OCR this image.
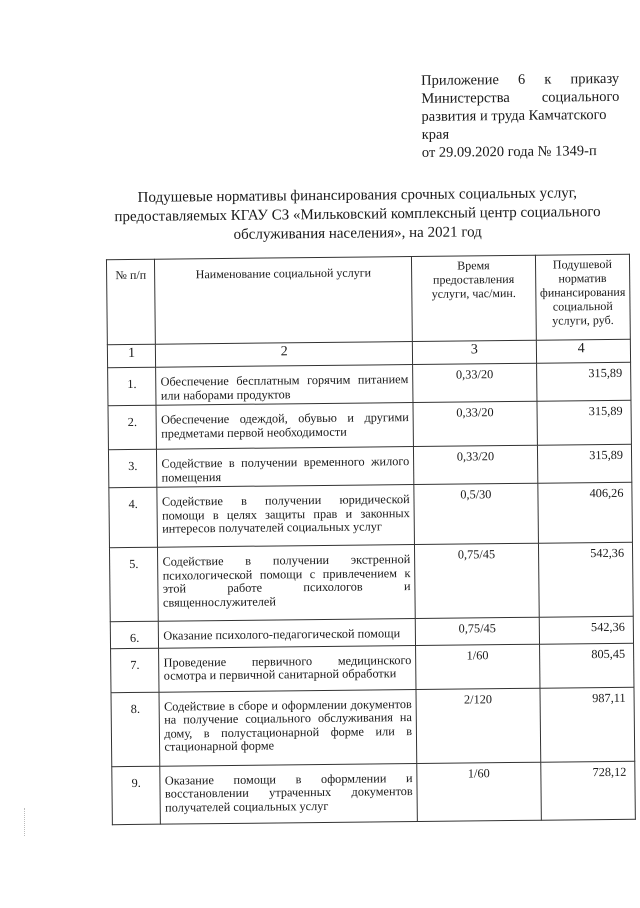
Приложение 6 к приказу
Министерства социального
развития и труда Камчатского
края
от 29.09.2020 года № 1349-п
Подушевые нормативы финансирования срочных социальных услуг, предоставляемых КГАУ СЗ «Мильковский комплексный центр социального обслуживания населения», на 2021 год
№ п/п	Наименование социальной услуги	Время предоставления услуги, час/мин.	Подушевой норматив финансирования социальной услуги, руб.
1	2	3	4
1.	Обеспечение бесплатным горячим питанием или наборами продуктов	0,33/20	315,89
2.	Обеспечение одеждой, обувью и другими предметами первой необходимости	0,33/20	315,89
3.	Содействие в получении временного жилого помещения	0,33/20	315,89
4.	Содействие в получении юридической помощи в целях защиты прав и законных интересов получателей социальных услуг	0,5/30	406,26
5.	Содействие в получении экстренной психологической помощи с привлечением к этой работе психологов и священнослужителей	0,75/45	542,36
6.	Оказание психолого-педагогической помощи	0,75/45	542,36
7.	Проведение первичного медицинского осмотра и первичной санитарной обработки	1/60	805,45
8.	Содействие в сборе и оформлении документов на получение социального обслуживания на дому, в полустационарной форме или в стационарной форме	2/120	987,11
9.	Оказание помощи в оформлении и восстановлении утраченных документов получателей социальных услуг	1/60	728,12
